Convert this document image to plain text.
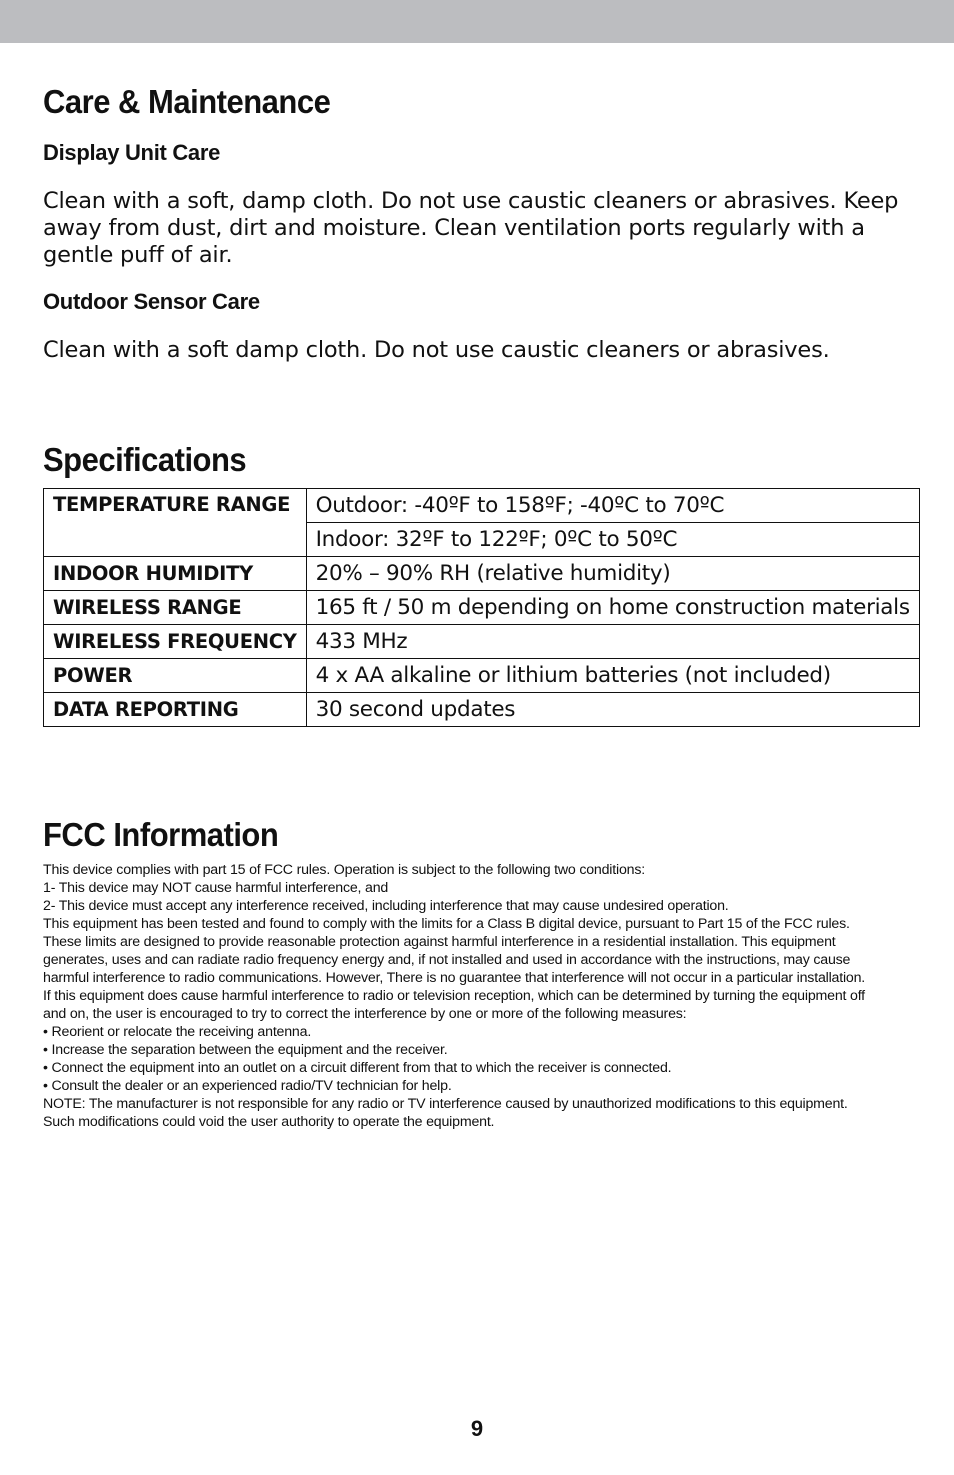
Care & Maintenance
Display Unit Care

Clean with a soft, damp cloth. Do not use caustic cleaners or abrasives. Keep away from dust, dirt and moisture. Clean ventilation ports regularly with a gentle puff of air.

Outdoor Sensor Care

Clean with a soft damp cloth. Do not use caustic cleaners or abrasives.

Specifications
TEMPERATURE RANGE	Outdoor: -40ºF to 158ºF; -40ºC to 70ºC
	Indoor: 32ºF to 122ºF; 0ºC to 50ºC
INDOOR HUMIDITY	20% – 90% RH (relative humidity)
WIRELESS RANGE	165 ft / 50 m depending on home construction materials
WIRELESS FREQUENCY	433 MHz
POWER	4 x AA alkaline or lithium batteries (not included)
DATA REPORTING	30 second updates
FCC Information
This device complies with part 15 of FCC rules. Operation is subject to the following two conditions:
1- This device may NOT cause harmful interference, and
2- This device must accept any interference received, including interference that may cause undesired operation.
This equipment has been tested and found to comply with the limits for a Class B digital device, pursuant to Part 15 of the FCC rules.
These limits are designed to provide reasonable protection against harmful interference in a residential installation. This equipment
generates, uses and can radiate radio frequency energy and, if not installed and used in accordance with the instructions, may cause
harmful interference to radio communications. However, There is no guarantee that interference will not occur in a particular installation.
If this equipment does cause harmful interference to radio or television reception, which can be determined by turning the equipment off
and on, the user is encouraged to try to correct the interference by one or more of the following measures:
• Reorient or relocate the receiving antenna.
• Increase the separation between the equipment and the receiver.
• Connect the equipment into an outlet on a circuit different from that to which the receiver is connected.
• Consult the dealer or an experienced radio/TV technician for help.
NOTE: The manufacturer is not responsible for any radio or TV interference caused by unauthorized modifications to this equipment.
Such modifications could void the user authority to operate the equipment.
9
